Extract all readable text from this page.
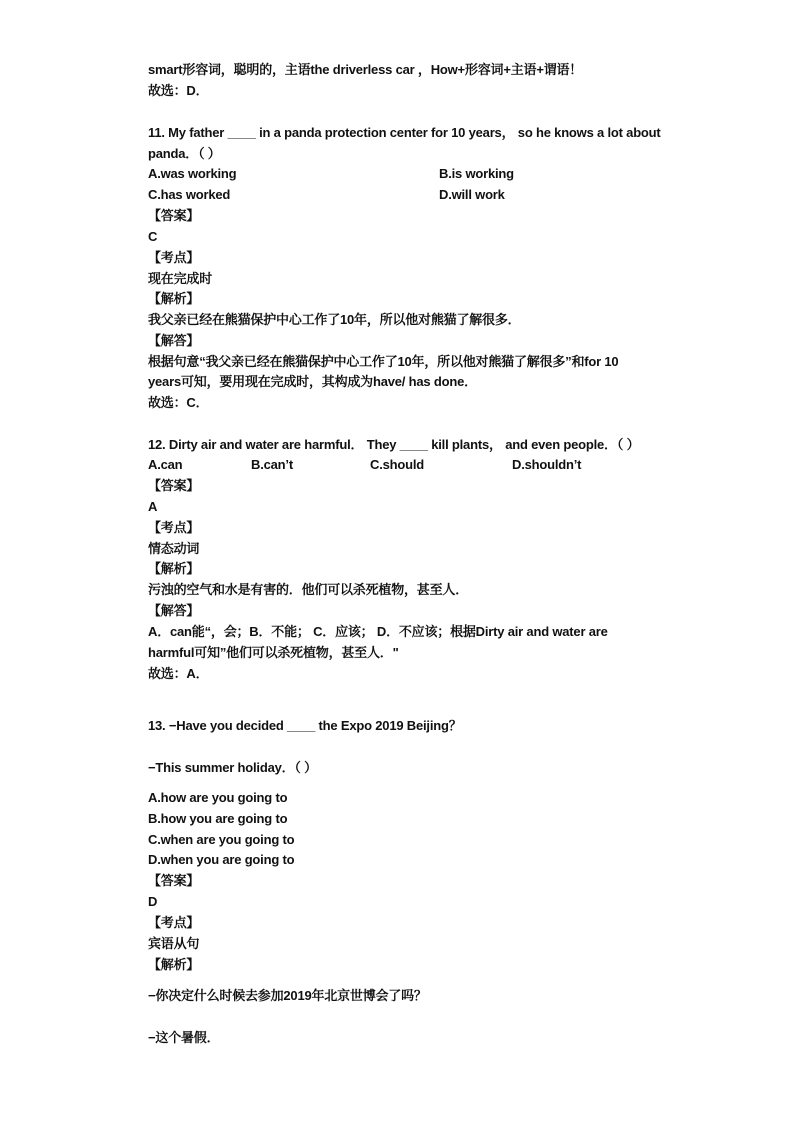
smart形容词，聪明的，主语the driverless car ，How+形容词+主语+谓语！
故选：D．
11. My father ____ in a panda protection center for 10 years， so he knows a lot about
panda．（ ）
A.was working	B.is working
C.has worked	D.will work
【答案】
C
【考点】
现在完成时
【解析】
我父亲已经在熊猫保护中心工作了10年，所以他对熊猫了解很多．
【解答】
根据句意“我父亲已经在熊猫保护中心工作了10年，所以他对熊猫了解很多”和for 10
years可知，要用现在完成时，其构成为have/ has done．
故选：C．
12. Dirty air and water are harmful． They ____ kill plants， and even people．（ ）
A.can	B.can’t	C.should	D.shouldn’t
【答案】
A
【考点】
情态动词
【解析】
污浊的空气和水是有害的．他们可以杀死植物，甚至人．
【解答】
A．can能“，会；B．不能； C．应该； D．不应该；根据Dirty air and water are
harmful可知”他们可以杀死植物，甚至人．"
故选：A．
13. −Have you decided ____ the Expo 2019 Beijing？
−This summer holiday．（ ）
A.how are you going to
B.how you are going to
C.when are you going to
D.when you are going to
【答案】
D
【考点】
宾语从句
【解析】
−你决定什么时候去参加2019年北京世博会了吗？
−这个暑假．
